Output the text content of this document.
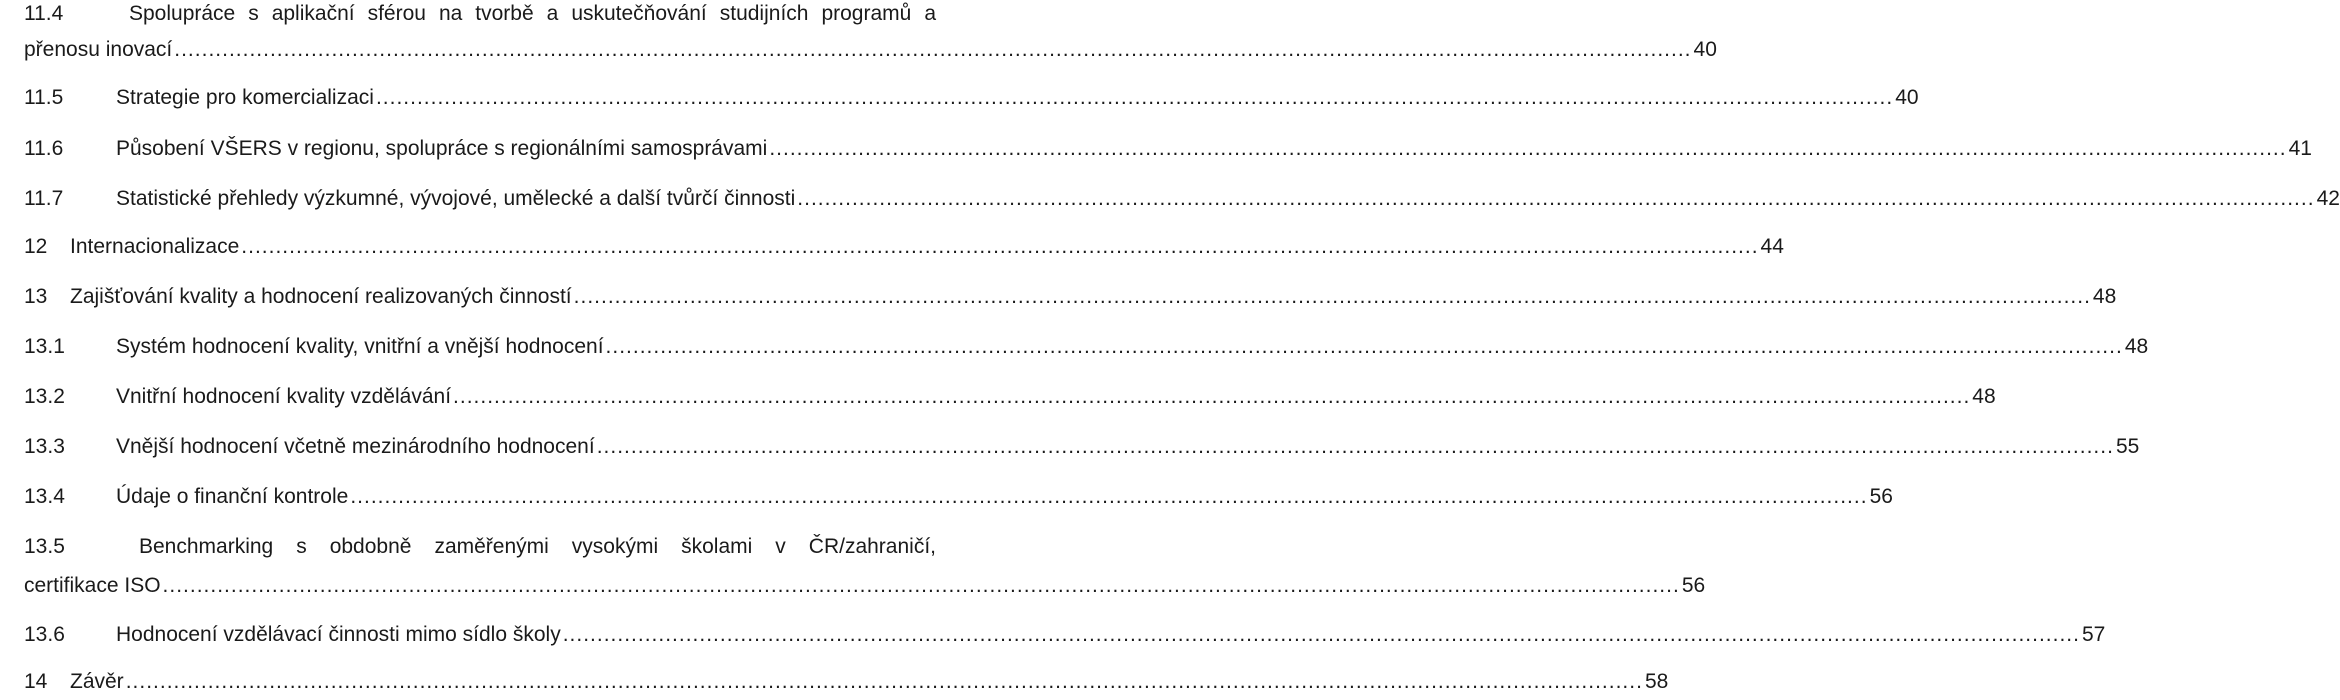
11.4	Spolupráce s aplikační sférou na tvorbě a uskutečňování studijních programů a
přenosu inovací .....	40
11.5	Strategie pro komercializaci .....	40
11.6	Působení VŠERS v regionu, spolupráce s regionálními samosprávami .....	41
11.7	Statistické přehledy výzkumné, vývojové, umělecké a další tvůrčí činnosti .....	42
12	Internacionalizace .....	44
13	Zajišťování kvality a hodnocení realizovaných činností .....	48
13.1	Systém hodnocení kvality, vnitřní a vnější hodnocení .....	48
13.2	Vnitřní hodnocení kvality vzdělávání .....	48
13.3	Vnější hodnocení včetně mezinárodního hodnocení .....	55
13.4	Údaje o finanční kontrole .....	56
13.5	Benchmarking s obdobně zaměřenými vysokými školami v ČR/zahraničí,
certifikace ISO .....	56
13.6	Hodnocení vzdělávací činnosti mimo sídlo školy .....	57
14	Závěr .....	58
